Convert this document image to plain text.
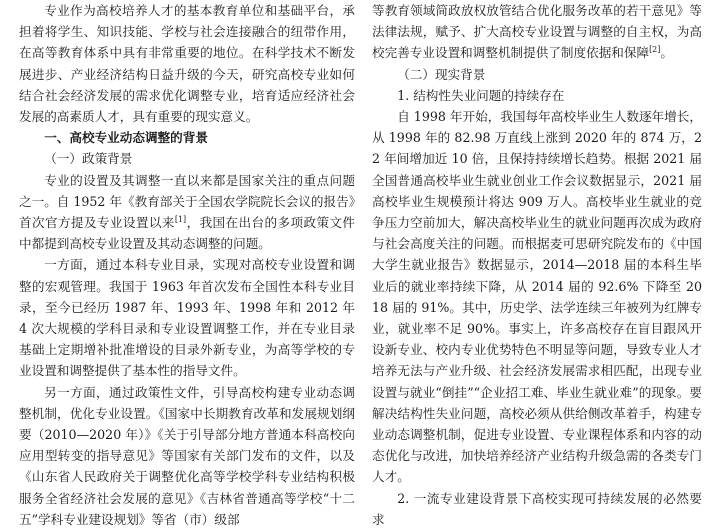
专业作为高校培养人才的基本教育单位和基础平台，承担着将学生、知识技能、学校与社会连接融合的纽带作用，在高等教育体系中具有非常重要的地位。在科学技术不断发展进步、产业经济结构日益升级的今天，研究高校专业如何结合社会经济发展的需求优化调整专业，培育适应经济社会发展的高素质人才，具有重要的现实意义。

一、高校专业动态调整的背景

（一）政策背景

专业的设置及其调整一直以来都是国家关注的重点问题之一。自 1952 年《教育部关于全国农学院院长会议的报告》首次官方提及专业设置以来[1]，我国在出台的多项政策文件中都提到高校专业设置及其动态调整的问题。

一方面，通过本科专业目录，实现对高校专业设置和调整的宏观管理。我国于 1963 年首次发布全国性本科专业目录，至今已经历 1987 年、1993 年、1998 年和 2012 年 4 次大规模的学科目录和专业设置调整工作，并在专业目录基础上定期增补批准增设的目录外新专业，为高等学校的专业设置和调整提供了基本性的指导文件。

另一方面，通过政策性文件，引导高校构建专业动态调整机制，优化专业设置。《国家中长期教育改革和发展规划纲要（2010—2020 年）》《关于引导部分地方普通本科高校向应用型转变的指导意见》等国家有关部门发布的文件，以及《山东省人民政府关于调整优化高等学校学科专业结构积极服务全省经济社会发展的意见》《吉林省普通高等学校“十二五”学科专业建设规划》等省（市）级部

等教育领域简政放权放管结合优化服务改革的若干意见》等法律法规，赋予、扩大高校专业设置与调整的自主权，为高校完善专业设置和调整机制提供了制度依据和保障[2]。

（二）现实背景

1. 结构性失业问题的持续存在

自 1998 年开始，我国每年高校毕业生人数逐年增长，从 1998 年的 82.98 万直线上涨到 2020 年的 874 万，22 年间增加近 10 倍，且保持持续增长趋势。根据 2021 届全国普通高校毕业生就业创业工作会议数据显示，2021 届高校毕业生规模预计将达 909 万人。高校毕业生就业的竞争压力空前加大，解决高校毕业生的就业问题再次成为政府与社会高度关注的问题。而根据麦可思研究院发布的《中国大学生就业报告》数据显示，2014—2018 届的本科生毕业后的就业率持续下降，从 2014 届的 92.6% 下降至 2018 届的 91%。其中，历史学、法学连续三年被列为红牌专业，就业率不足 90%。事实上，许多高校存在盲目跟风开设新专业、校内专业优势特色不明显等问题，导致专业人才培养无法与产业升级、社会经济发展需求相匹配，出现专业设置与就业“倒挂”“企业招工难、毕业生就业难”的现象。要解决结构性失业问题，高校必须从供给侧改革着手，构建专业动态调整机制，促进专业设置、专业课程体系和内容的动态优化与改进，加快培养经济产业结构升级急需的各类专门人才。

2. 一流专业建设背景下高校实现可持续发展的必然要求
